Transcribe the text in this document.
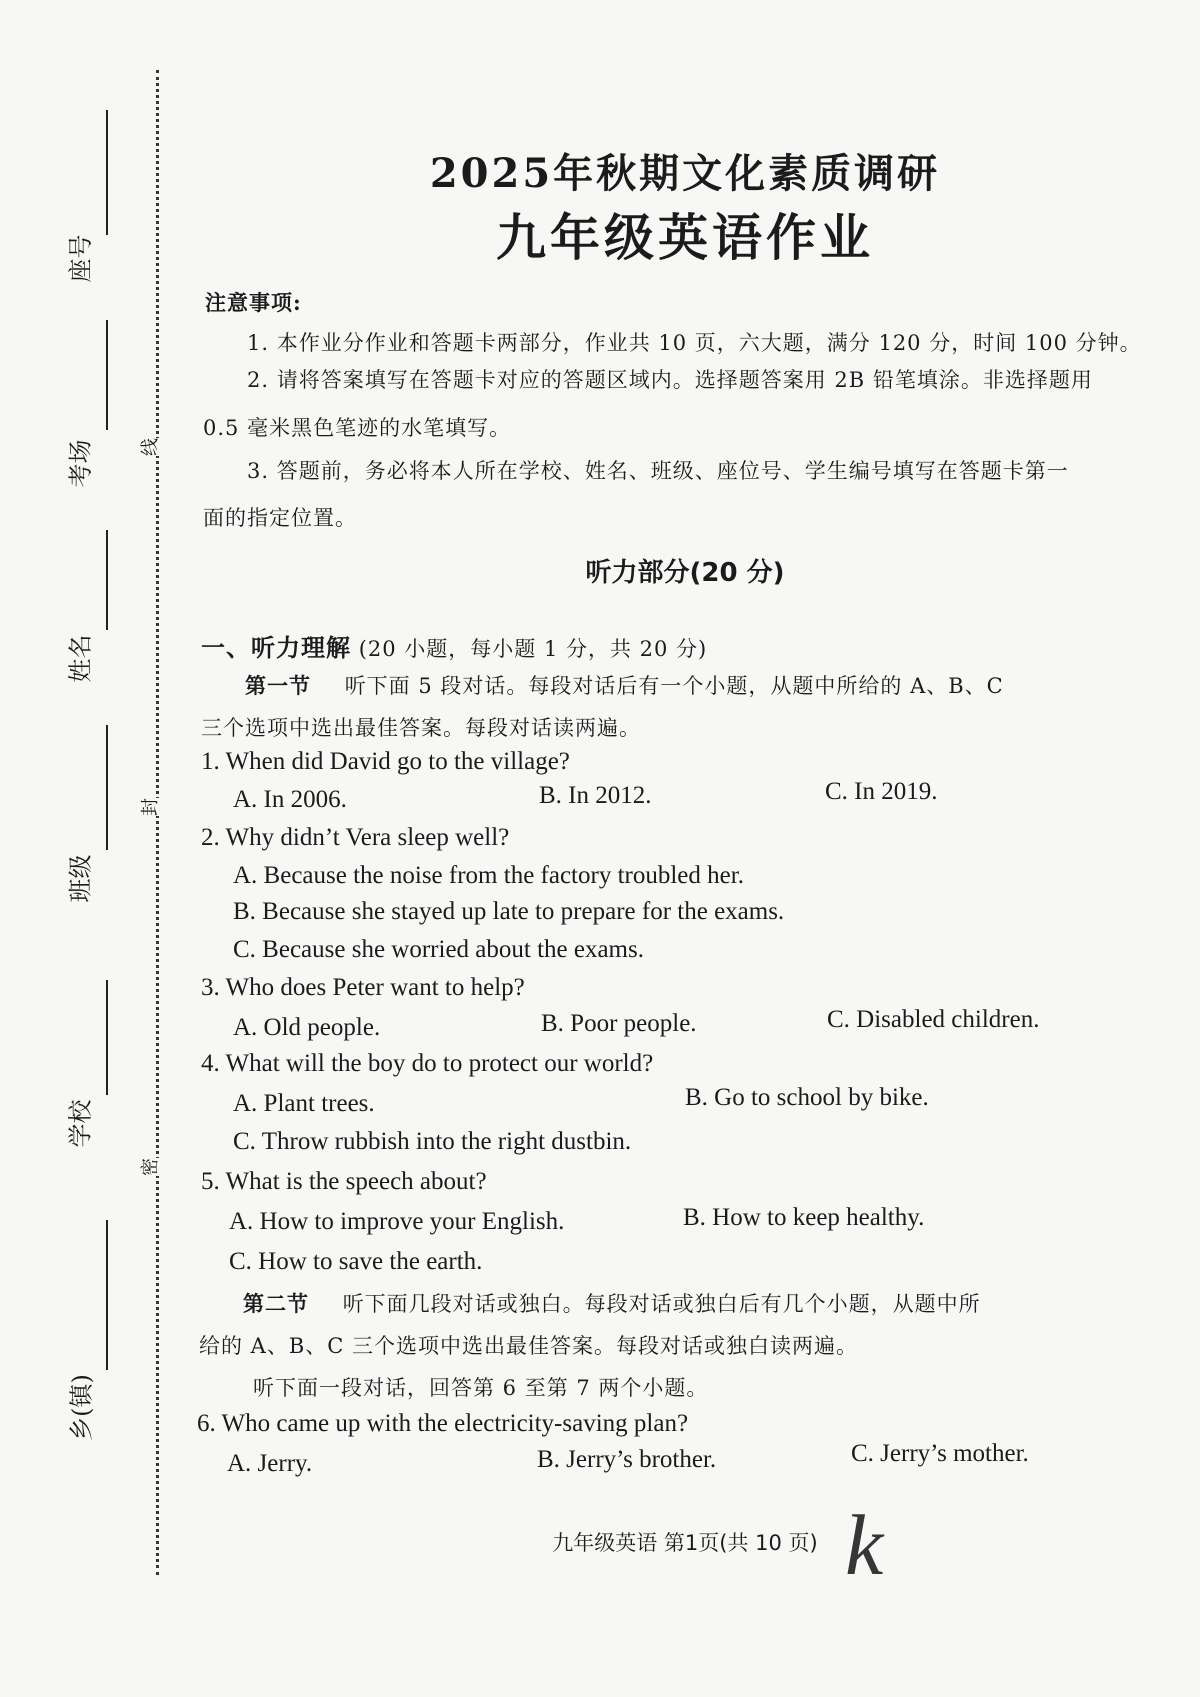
座号
考场
姓名
班级
学校
乡(镇)
线
封
密
2025年秋期文化素质调研
九年级英语作业
注意事项:
1. 本作业分作业和答题卡两部分，作业共 10 页，六大题，满分 120 分，时间 100 分钟。
2. 请将答案填写在答题卡对应的答题区域内。选择题答案用 2B 铅笔填涂。非选择题用
0.5 毫米黑色笔迹的水笔填写。
3. 答题前，务必将本人所在学校、姓名、班级、座位号、学生编号填写在答题卡第一
面的指定位置。
听力部分(20 分)
一、听力理解 (20 小题，每小题 1 分，共 20 分)
第一节 听下面 5 段对话。每段对话后有一个小题，从题中所给的 A、B、C
三个选项中选出最佳答案。每段对话读两遍。
1. When did David go to the village?
A. In 2006.	B. In 2012.	C. In 2019.
2. Why didn’t Vera sleep well?
A. Because the noise from the factory troubled her.
B. Because she stayed up late to prepare for the exams.
C. Because she worried about the exams.
3. Who does Peter want to help?
A. Old people.	B. Poor people.	C. Disabled children.
4. What will the boy do to protect our world?
A. Plant trees.	B. Go to school by bike.
C. Throw rubbish into the right dustbin.
5. What is the speech about?
A. How to improve your English.	B. How to keep healthy.
C. How to save the earth.
第二节 听下面几段对话或独白。每段对话或独白后有几个小题，从题中所
给的 A、B、C 三个选项中选出最佳答案。每段对话或独白读两遍。
听下面一段对话，回答第 6 至第 7 两个小题。
6. Who came up with the electricity-saving plan?
A. Jerry.	B. Jerry’s brother.	C. Jerry’s mother.
九年级英语 第1页(共 10 页) k
